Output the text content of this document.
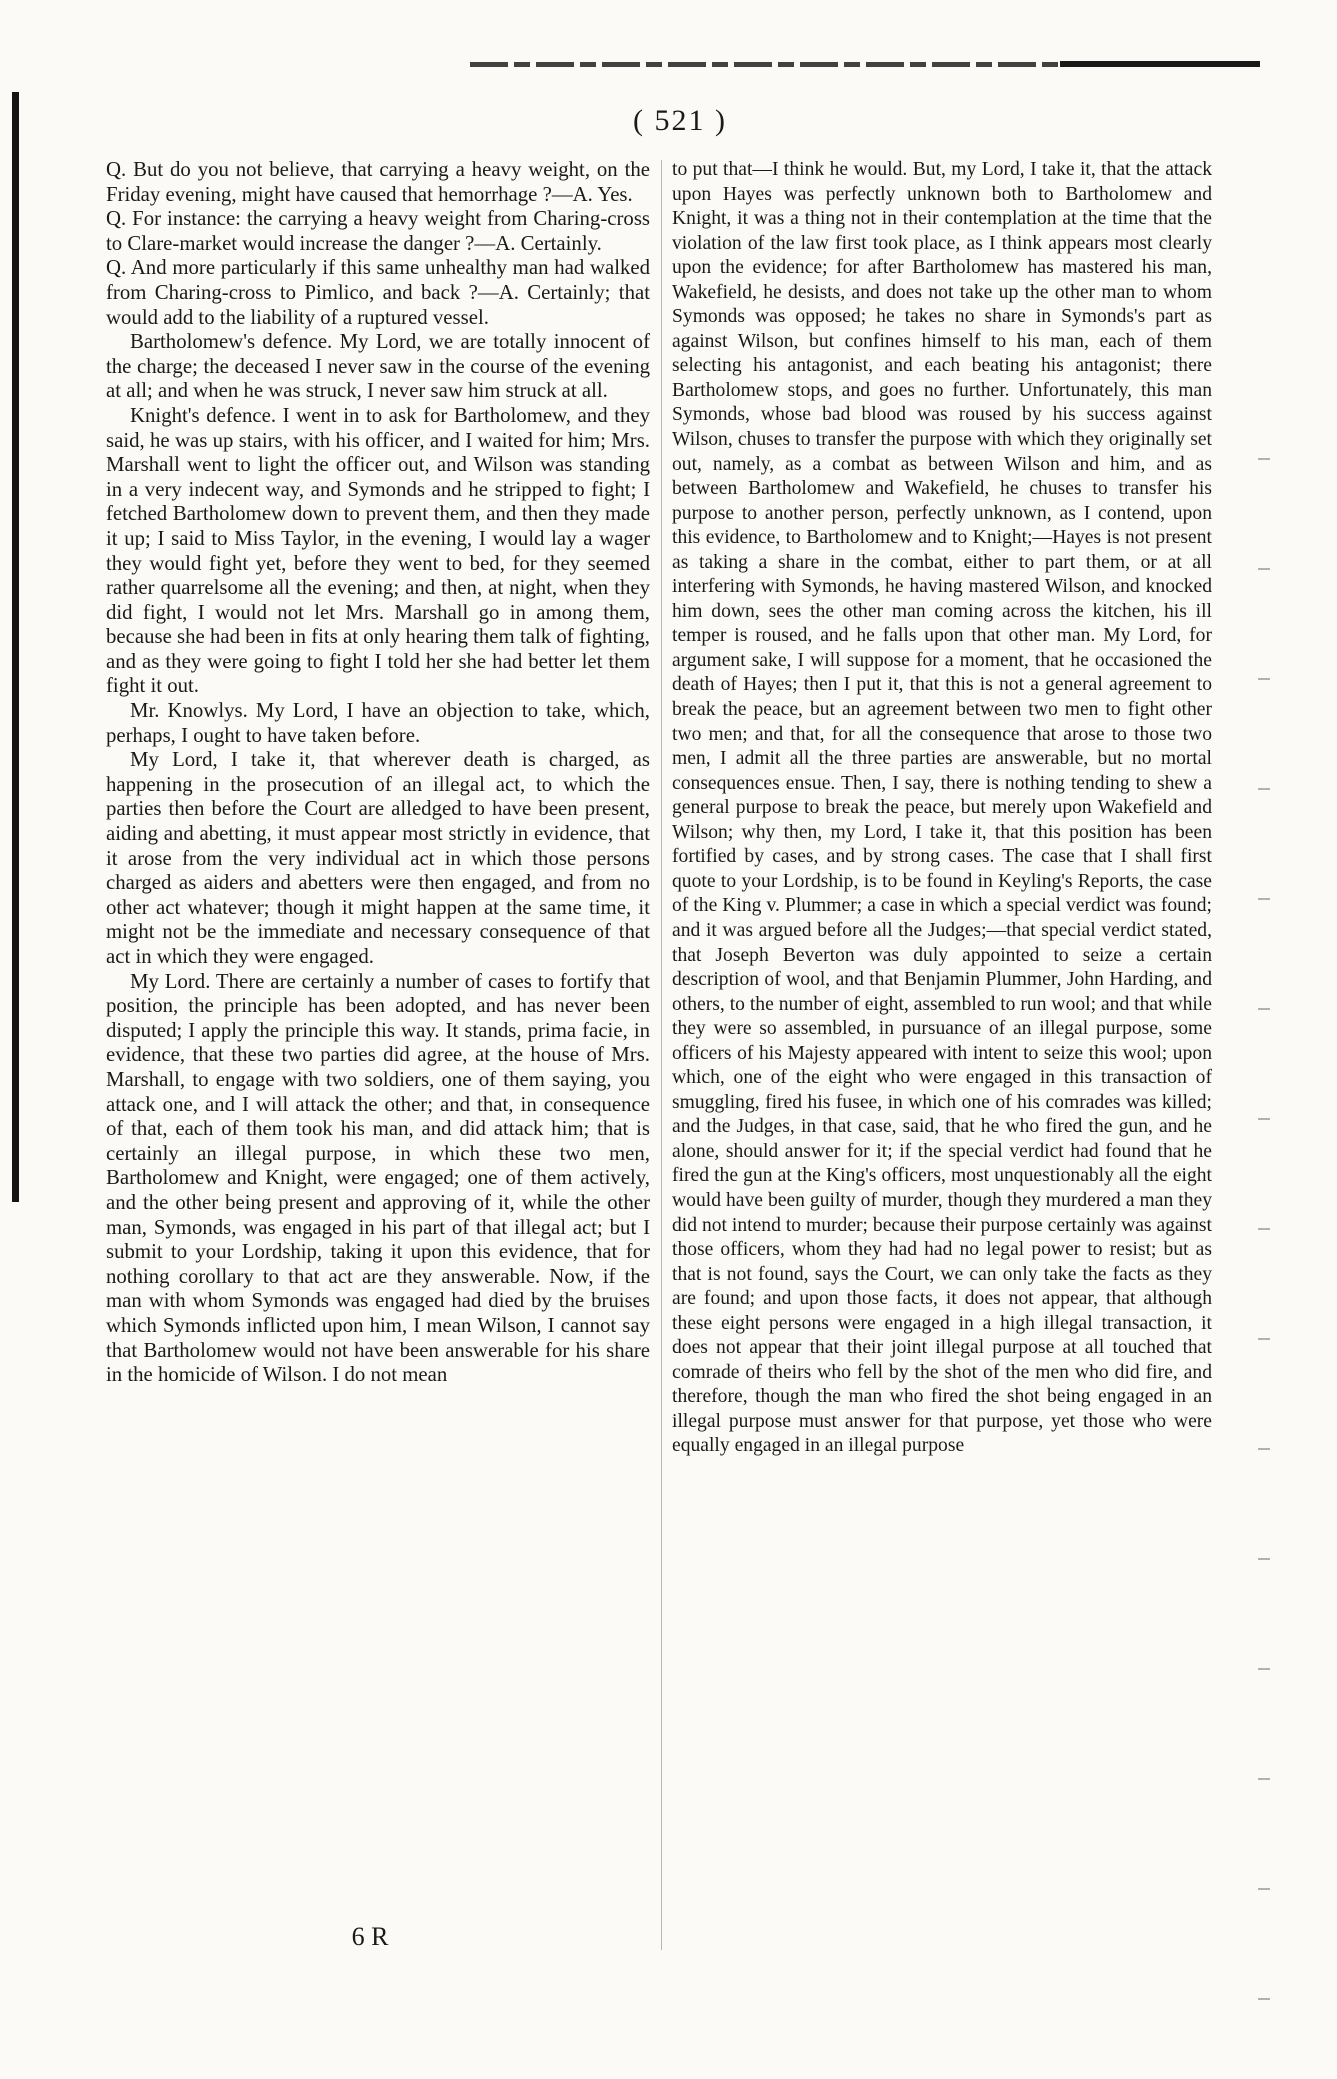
( 521 )

Q. But do you not believe, that carrying a heavy weight, on the Friday evening, might have caused that hemorrhage ?—A. Yes.

Q. For instance: the carrying a heavy weight from Charing-cross to Clare-market would increase the danger ?—A. Certainly.

Q. And more particularly if this same unhealthy man had walked from Charing-cross to Pimlico, and back ?—A. Certainly; that would add to the liability of a ruptured vessel.

Bartholomew's defence. My Lord, we are totally innocent of the charge; the deceased I never saw in the course of the evening at all; and when he was struck, I never saw him struck at all.

Knight's defence. I went in to ask for Bartholomew, and they said, he was up stairs, with his officer, and I waited for him; Mrs. Marshall went to light the officer out, and Wilson was standing in a very indecent way, and Symonds and he stripped to fight; I fetched Bartholomew down to prevent them, and then they made it up; I said to Miss Taylor, in the evening, I would lay a wager they would fight yet, before they went to bed, for they seemed rather quarrelsome all the evening; and then, at night, when they did fight, I would not let Mrs. Marshall go in among them, because she had been in fits at only hearing them talk of fighting, and as they were going to fight I told her she had better let them fight it out.

Mr. Knowlys. My Lord, I have an objection to take, which, perhaps, I ought to have taken before.

My Lord, I take it, that wherever death is charged, as happening in the prosecution of an illegal act, to which the parties then before the Court are alledged to have been present, aiding and abetting, it must appear most strictly in evidence, that it arose from the very individual act in which those persons charged as aiders and abetters were then engaged, and from no other act whatever; though it might happen at the same time, it might not be the immediate and necessary consequence of that act in which they were engaged.

My Lord. There are certainly a number of cases to fortify that position, the principle has been adopted, and has never been disputed; I apply the principle this way. It stands, prima facie, in evidence, that these two parties did agree, at the house of Mrs. Marshall, to engage with two soldiers, one of them saying, you attack one, and I will attack the other; and that, in consequence of that, each of them took his man, and did attack him; that is certainly an illegal purpose, in which these two men, Bartholomew and Knight, were engaged; one of them actively, and the other being present and approving of it, while the other man, Symonds, was engaged in his part of that illegal act; but I submit to your Lordship, taking it upon this evidence, that for nothing corollary to that act are they answerable. Now, if the man with whom Symonds was engaged had died by the bruises which Symonds inflicted upon him, I mean Wilson, I cannot say that Bartholomew would not have been answerable for his share in the homicide of Wilson. I do not mean

to put that—I think he would. But, my Lord, I take it, that the attack upon Hayes was perfectly unknown both to Bartholomew and Knight, it was a thing not in their contemplation at the time that the violation of the law first took place, as I think appears most clearly upon the evidence; for after Bartholomew has mastered his man, Wakefield, he desists, and does not take up the other man to whom Symonds was opposed; he takes no share in Symonds's part as against Wilson, but confines himself to his man, each of them selecting his antagonist, and each beating his antagonist; there Bartholomew stops, and goes no further. Unfortunately, this man Symonds, whose bad blood was roused by his success against Wilson, chuses to transfer the purpose with which they originally set out, namely, as a combat as between Wilson and him, and as between Bartholomew and Wakefield, he chuses to transfer his purpose to another person, perfectly unknown, as I contend, upon this evidence, to Bartholomew and to Knight;—Hayes is not present as taking a share in the combat, either to part them, or at all interfering with Symonds, he having mastered Wilson, and knocked him down, sees the other man coming across the kitchen, his ill temper is roused, and he falls upon that other man. My Lord, for argument sake, I will suppose for a moment, that he occasioned the death of Hayes; then I put it, that this is not a general agreement to break the peace, but an agreement between two men to fight other two men; and that, for all the consequence that arose to those two men, I admit all the three parties are answerable, but no mortal consequences ensue. Then, I say, there is nothing tending to shew a general purpose to break the peace, but merely upon Wakefield and Wilson; why then, my Lord, I take it, that this position has been fortified by cases, and by strong cases. The case that I shall first quote to your Lordship, is to be found in Keyling's Reports, the case of the King v. Plummer; a case in which a special verdict was found; and it was argued before all the Judges;—that special verdict stated, that Joseph Beverton was duly appointed to seize a certain description of wool, and that Benjamin Plummer, John Harding, and others, to the number of eight, assembled to run wool; and that while they were so assembled, in pursuance of an illegal purpose, some officers of his Majesty appeared with intent to seize this wool; upon which, one of the eight who were engaged in this transaction of smuggling, fired his fusee, in which one of his comrades was killed; and the Judges, in that case, said, that he who fired the gun, and he alone, should answer for it; if the special verdict had found that he fired the gun at the King's officers, most unquestionably all the eight would have been guilty of murder, though they murdered a man they did not intend to murder; because their purpose certainly was against those officers, whom they had had no legal power to resist; but as that is not found, says the Court, we can only take the facts as they are found; and upon those facts, it does not appear, that although these eight persons were engaged in a high illegal transaction, it does not appear that their joint illegal purpose at all touched that comrade of theirs who fell by the shot of the men who did fire, and therefore, though the man who fired the shot being engaged in an illegal purpose must answer for that purpose, yet those who were equally engaged in an illegal purpose

6 R
